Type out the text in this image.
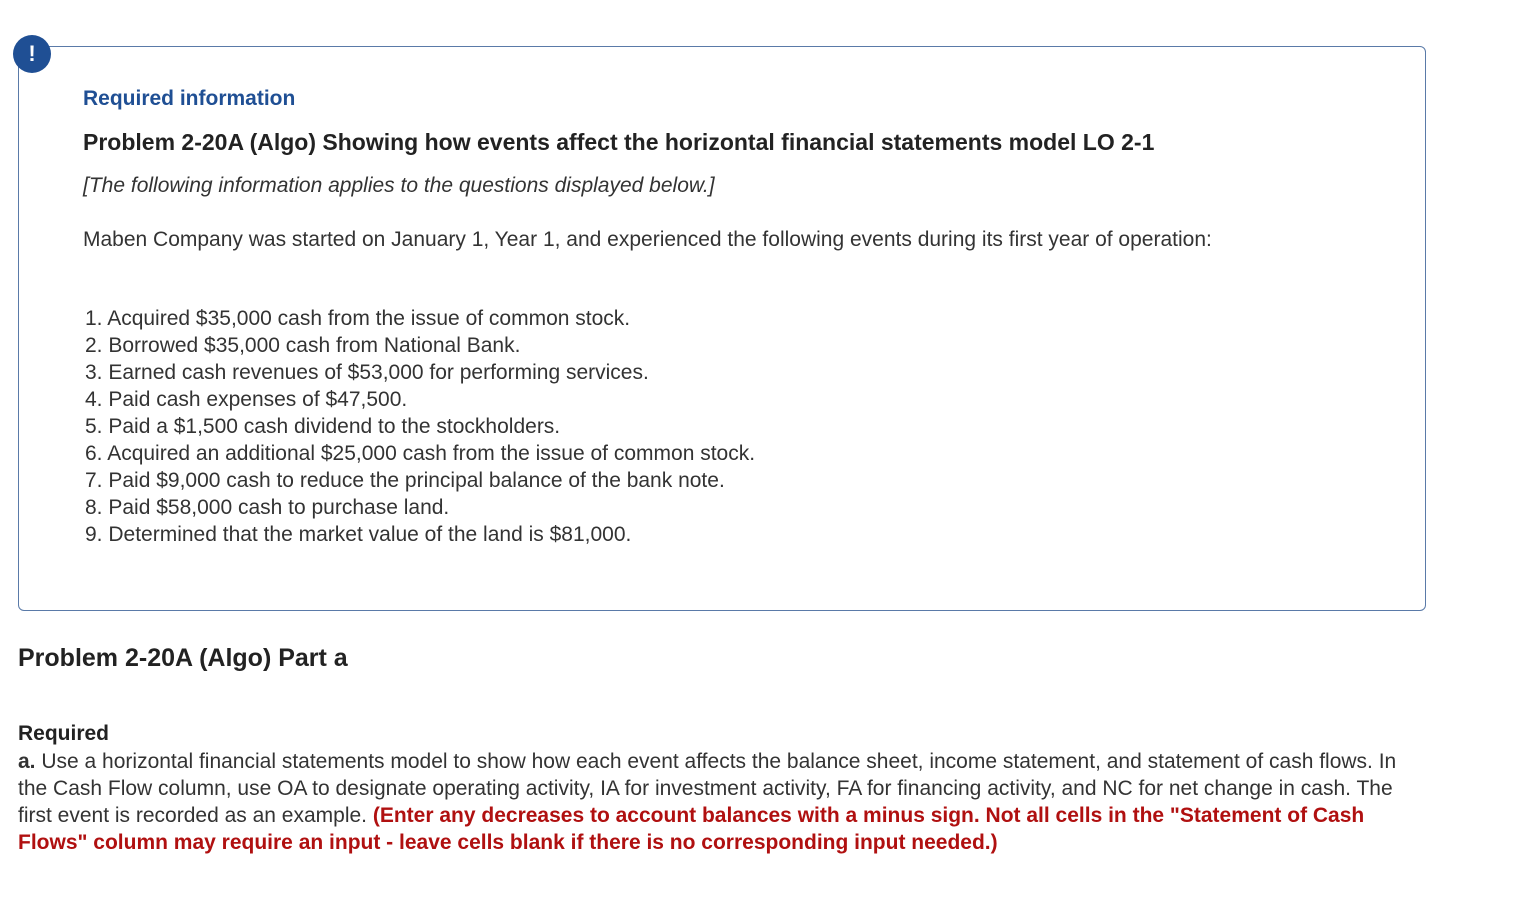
!
Required information
Problem 2-20A (Algo) Showing how events affect the horizontal financial statements model LO 2-1
[The following information applies to the questions displayed below.]
Maben Company was started on January 1, Year 1, and experienced the following events during its first year of operation:
1. Acquired $35,000 cash from the issue of common stock.
2. Borrowed $35,000 cash from National Bank.
3. Earned cash revenues of $53,000 for performing services.
4. Paid cash expenses of $47,500.
5. Paid a $1,500 cash dividend to the stockholders.
6. Acquired an additional $25,000 cash from the issue of common stock.
7. Paid $9,000 cash to reduce the principal balance of the bank note.
8. Paid $58,000 cash to purchase land.
9. Determined that the market value of the land is $81,000.
Problem 2-20A (Algo) Part a
Required

a. Use a horizontal financial statements model to show how each event affects the balance sheet, income statement, and statement of cash flows. In the Cash Flow column, use OA to designate operating activity, IA for investment activity, FA for financing activity, and NC for net change in cash. The first event is recorded as an example. (Enter any decreases to account balances with a minus sign. Not all cells in the "Statement of Cash Flows" column may require an input - leave cells blank if there is no corresponding input needed.)
